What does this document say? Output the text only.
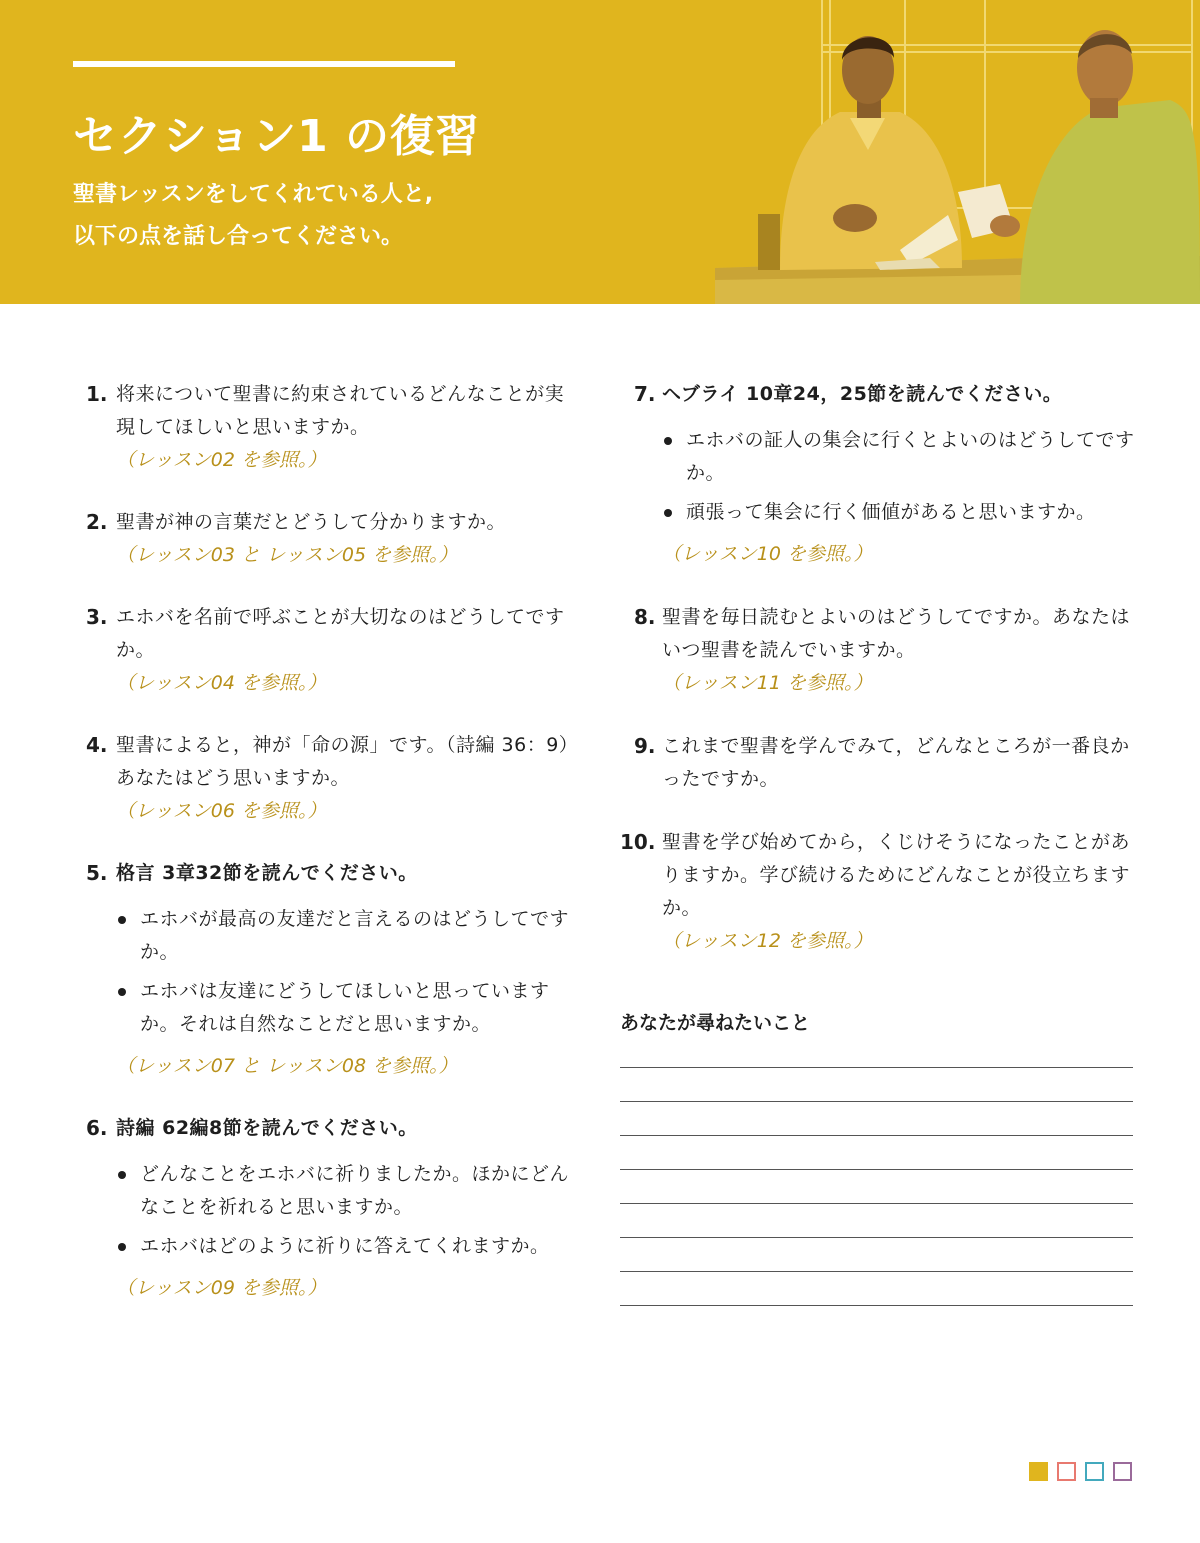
セクション1 の復習
聖書レッスンをしてくれている人と,
以下の点を話し合ってください。
1. 将来について聖書に約束されているどんなことが実現してほしいと思いますか。
（レッスン02 を参照。）
2. 聖書が神の言葉だとどうして分かりますか。
（レッスン03 と レッスン05 を参照。）
3. エホバを名前で呼ぶことが大切なのはどうしてですか。
（レッスン04 を参照。）
4. 聖書によると，神が「命の源」です。（詩編 36：9）あなたはどう思いますか。
（レッスン06 を参照。）
5. 格言 3章32節を読んでください。
エホバが最高の友達だと言えるのはどうしてですか。
エホバは友達にどうしてほしいと思っていますか。それは自然なことだと思いますか。
（レッスン07 と レッスン08 を参照。）
6. 詩編 62編8節を読んでください。
どんなことをエホバに祈りましたか。ほかにどんなことを祈れると思いますか。
エホバはどのように祈りに答えてくれますか。
（レッスン09 を参照。）
7. ヘブライ 10章24，25節を読んでください。
エホバの証人の集会に行くとよいのはどうしてですか。
頑張って集会に行く価値があると思いますか。
（レッスン10 を参照。）
8. 聖書を毎日読むとよいのはどうしてですか。あなたはいつ聖書を読んでいますか。
（レッスン11 を参照。）
9. これまで聖書を学んでみて，どんなところが一番良かったですか。
10. 聖書を学び始めてから，くじけそうになったことがありますか。学び続けるためにどんなことが役立ちますか。
（レッスン12 を参照。）
あなたが尋ねたいこと
